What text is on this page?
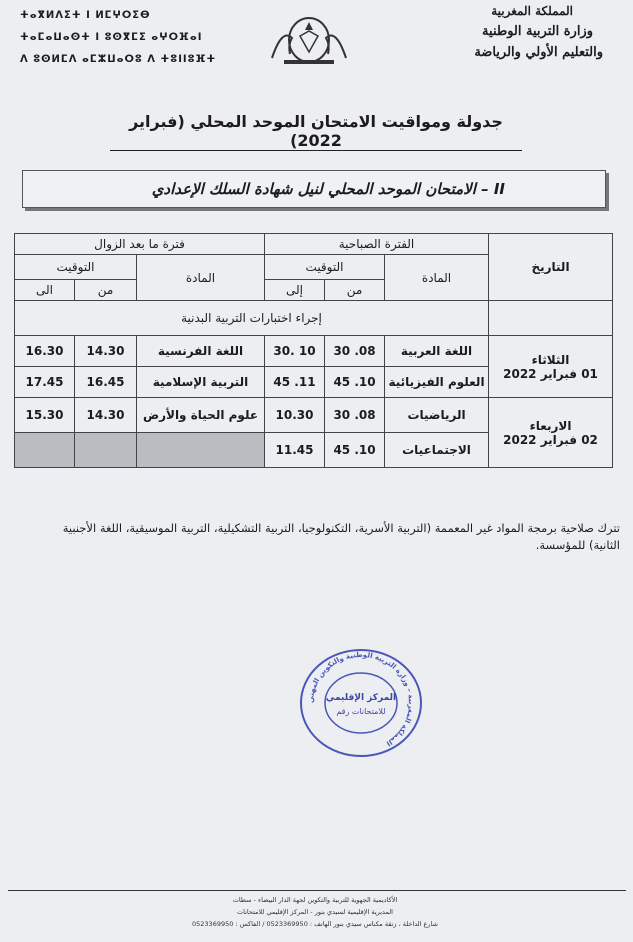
ⵜⴰⴳⵍⴷⵉⵜ ⵏ ⵍⵎⵖⵔⵉⴱ
ⵜⴰⵎⴰⵡⴰⵙⵜ ⵏ ⵓⵙⴳⵎⵉ ⴰⵖⵔⴼⴰⵏ
ⴷ ⵓⵙⵍⵎⴷ ⴰⵎⵣⵡⴰⵔⵓ ⴷ ⵜⵓⵏⵏⵓⴼⵜ
المملكة المغربية
وزارة التربية الوطنية
والتعليم الأولي والرياضة
جدولة ومواقيت الامتحان الموحد المحلي (فبراير 2022)
II – الامتحان الموحد المحلي لنيل شهادة السلك الإعدادي
التاريخ	الفترة الصباحية			فترة ما بعد الزوال		
	المادة	التوقيت		المادة	التوقيت	
		من	إلى		من	الى
	إجراء اختبارات التربية البدنية					

الثلاثاء
01 فبراير 2022	اللغة العربية	08. 30	10 .30	اللغة الفرنسية	14.30	16.30
	العلوم الفيزيائية	10. 45	11. 45	التربية الإسلامية	16.45	17.45

الاربعاء
02 فبراير 2022	الرياضيات	08. 30	10.30	علوم الحياة والأرض	14.30	15.30
	الاجتماعيات	10. 45	11.45			
تترك صلاحية برمجة المواد غير المعممة (التربية الأسرية، التكنولوجيا، التربية التشكيلية، التربية الموسيقية، اللغة الأجنبية الثانية) للمؤسسة.
المملكة المغربية – وزارة التربية الوطنية والتكوين المهني
المركز الإقليمي
للامتحانات رقم
الأكاديمية الجهوية للتربية والتكوين لجهة الدار البيضاء - سطات
المديرية الإقليمية لسيدي بنور - المركز الإقليمي للامتحانات
شارع الداخلة ، زنقة مكناس سيدي بنور الهاتف : 0523369950 / الفاكس : 0523369950
